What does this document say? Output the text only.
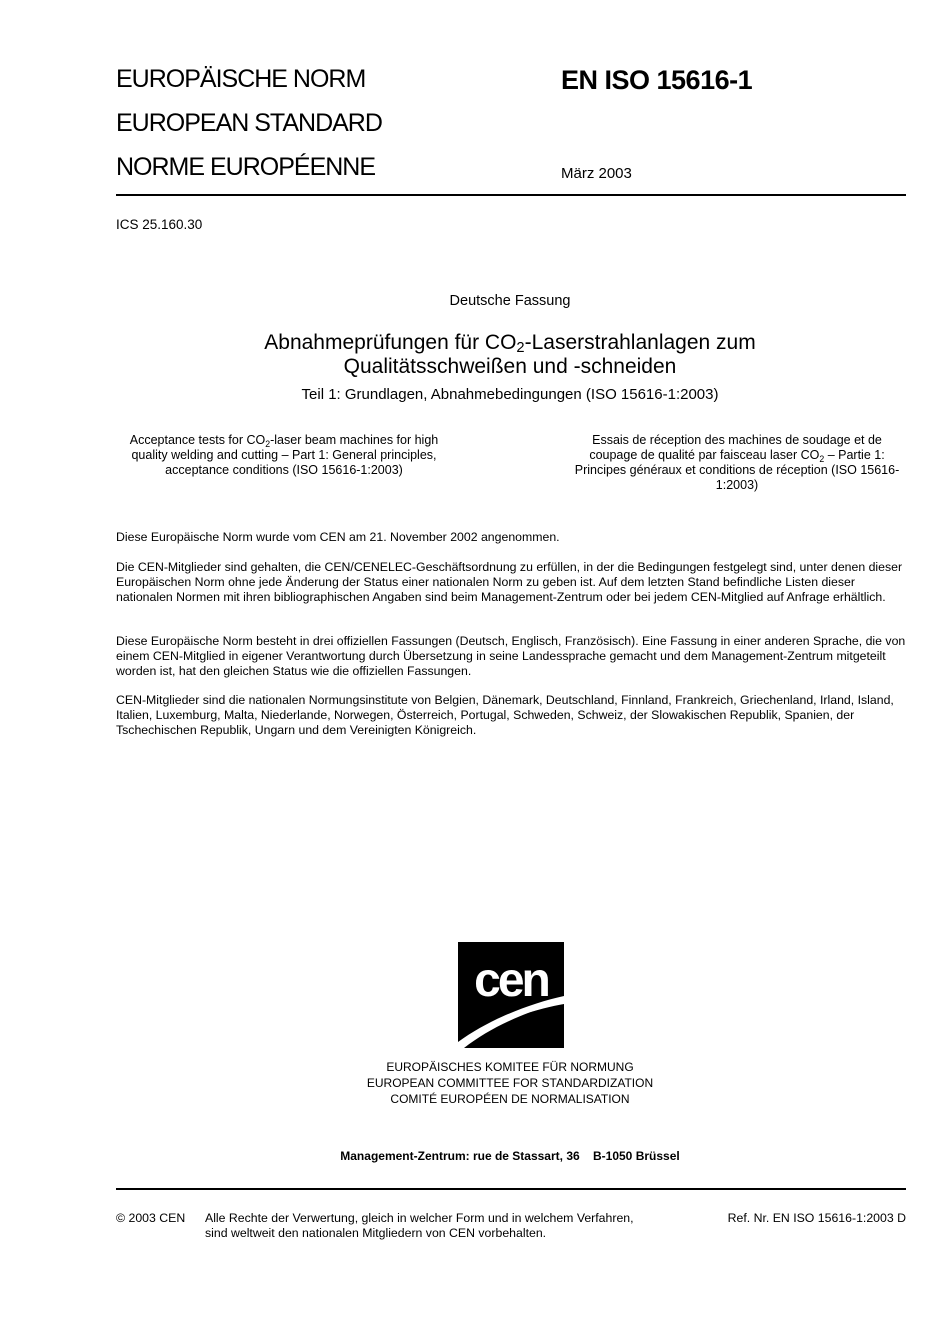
EUROPÄISCHE NORM
EUROPEAN STANDARD
NORME EUROPÉENNE
EN ISO 15616-1
März 2003
ICS 25.160.30
Deutsche Fassung
Abnahmeprüfungen für $CO_2$-Laserstrahlanlagen zum
Qualitätsschweißen und -schneiden
Teil 1: Grundlagen, Abnahmebedingungen (ISO 15616-1:2003)
Acceptance tests for $CO_2$-laser beam machines for high quality welding and cutting – Part 1: General principles, acceptance conditions (ISO 15616-1:2003)
Essais de réception des machines de soudage et de coupage de qualité par faisceau laser $CO_2$ – Partie 1: Principes généraux et conditions de réception (ISO 15616-1:2003)
Diese Europäische Norm wurde vom CEN am 21. November 2002 angenommen.
Die CEN-Mitglieder sind gehalten, die CEN/CENELEC-Geschäftsordnung zu erfüllen, in der die Bedingungen festgelegt sind, unter denen dieser Europäischen Norm ohne jede Änderung der Status einer nationalen Norm zu geben ist. Auf dem letzten Stand befindliche Listen dieser nationalen Normen mit ihren bibliographischen Angaben sind beim Management-Zentrum oder bei jedem CEN-Mitglied auf Anfrage erhältlich.
Diese Europäische Norm besteht in drei offiziellen Fassungen (Deutsch, Englisch, Französisch). Eine Fassung in einer anderen Sprache, die von einem CEN-Mitglied in eigener Verantwortung durch Übersetzung in seine Landessprache gemacht und dem Management-Zentrum mitgeteilt worden ist, hat den gleichen Status wie die offiziellen Fassungen.
CEN-Mitglieder sind die nationalen Normungsinstitute von Belgien, Dänemark, Deutschland, Finnland, Frankreich, Griechenland, Irland, Island, Italien, Luxemburg, Malta, Niederlande, Norwegen, Österreich, Portugal, Schweden, Schweiz, der Slowakischen Republik, Spanien, der Tschechischen Republik, Ungarn und dem Vereinigten Königreich.
cen
EUROPÄISCHES KOMITEE FÜR NORMUNG
EUROPEAN COMMITTEE FOR STANDARDIZATION
COMITÉ EUROPÉEN DE NORMALISATION
Management-Zentrum: rue de Stassart, 36    B-1050 Brüssel
© 2003 CEN Alle Rechte der Verwertung, gleich in welcher Form und in welchem Verfahren, sind weltweit den nationalen Mitgliedern von CEN vorbehalten.
Ref. Nr. EN ISO 15616-1:2003 D
